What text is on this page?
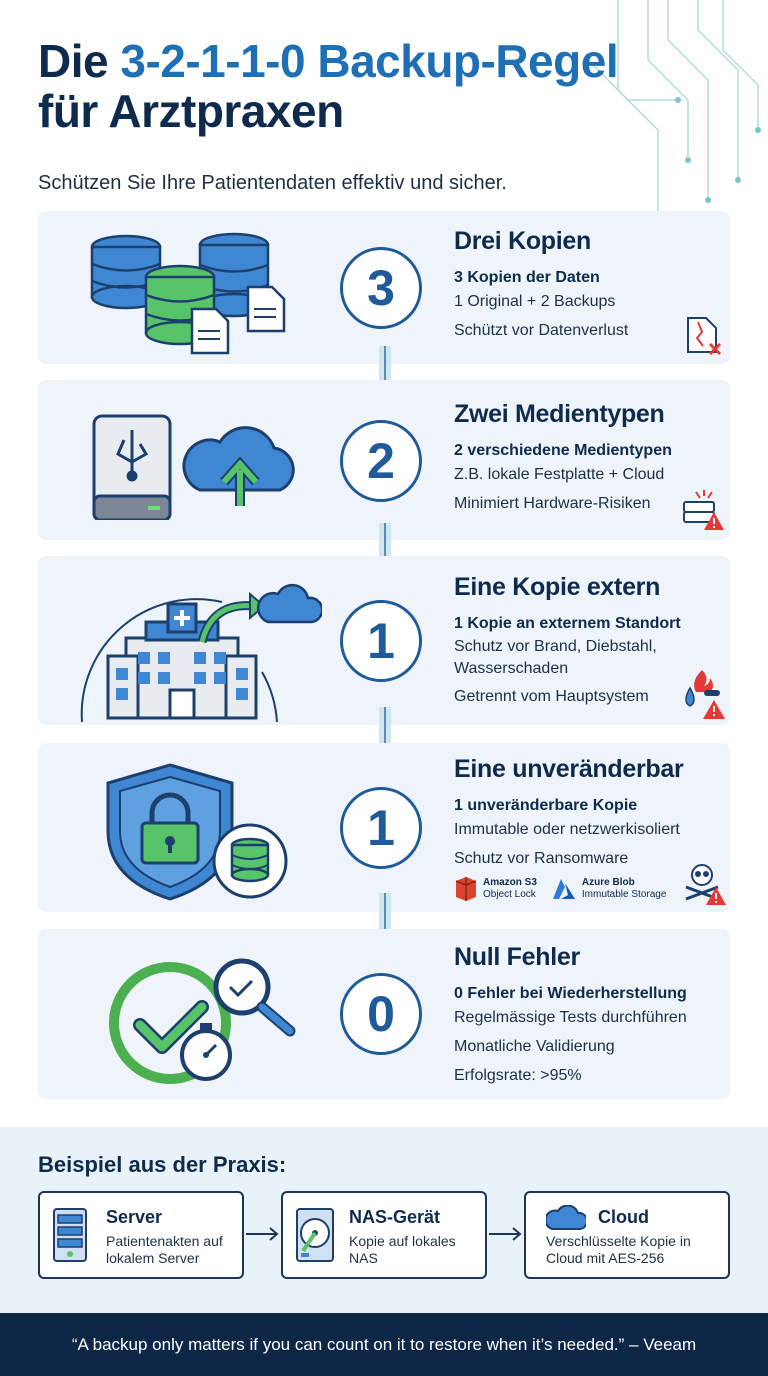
Die 3-2-1-1-0 Backup-Regel
für Arztpraxen
Schützen Sie Ihre Patientendaten effektiv und sicher.
3
Drei Kopien
3 Kopien der Daten
1 Original + 2 Backups
Schützt vor Datenverlust
2
Zwei Medientypen
2 verschiedene Medientypen
Z.B. lokale Festplatte + Cloud
Minimiert Hardware-Risiken
1
Eine Kopie extern
1 Kopie an externem Standort
Schutz vor Brand, Diebstahl, Wasserschaden
Getrennt vom Hauptsystem
1
Eine unveränderbar
1 unveränderbare Kopie
Immutable oder netzwerkisoliert
Schutz vor Ransomware
Amazon S3
Object Lock
Azure Blob
Immutable Storage
0
Null Fehler
0 Fehler bei Wiederherstellung
Regelmässige Tests durchführen
Monatliche Validierung
Erfolgsrate: >95%
Beispiel aus der Praxis:
Server
Patientenakten auf lokalem Server
NAS-Gerät
Kopie auf lokales NAS
Cloud
Verschlüsselte Kopie in Cloud mit AES-256
“A backup only matters if you can count on it to restore when it’s needed.” – Veeam
